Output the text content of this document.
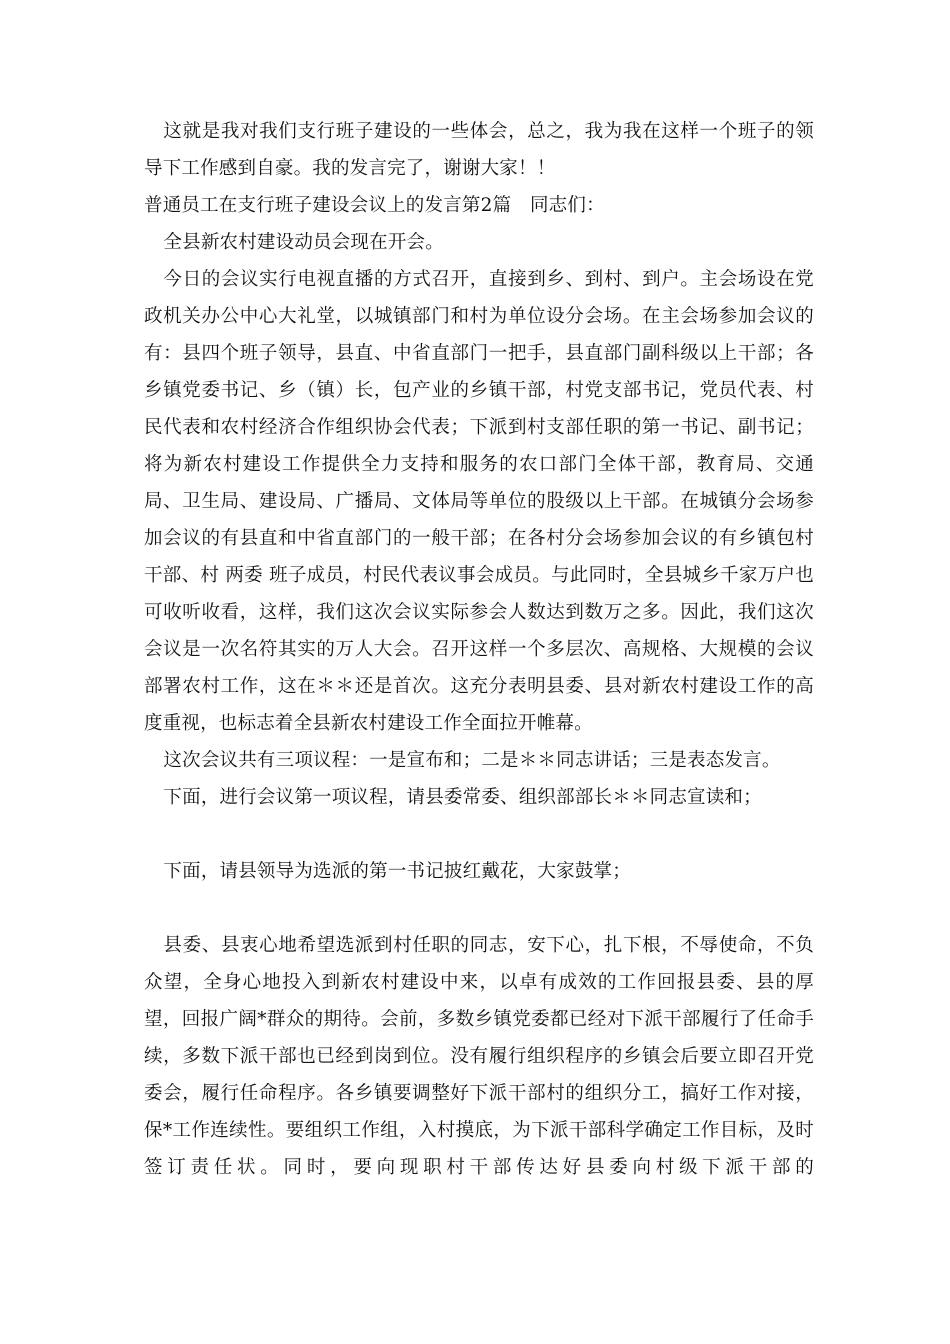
这就是我对我们支行班子建设的一些体会，总之，我为我在这样一个班子的领导下工作感到自豪。我的发言完了，谢谢大家！！

普通员工在支行班子建设会议上的发言第2篇　同志们：

全县新农村建设动员会现在开会。

今日的会议实行电视直播的方式召开，直接到乡、到村、到户。主会场设在党政机关办公中心大礼堂，以城镇部门和村为单位设分会场。在主会场参加会议的有：县四个班子领导，县直、中省直部门一把手，县直部门副科级以上干部；各乡镇党委书记、乡（镇）长，包产业的乡镇干部，村党支部书记，党员代表、村民代表和农村经济合作组织协会代表；下派到村支部任职的第一书记、副书记；将为新农村建设工作提供全力支持和服务的农口部门全体干部，教育局、交通局、卫生局、建设局、广播局、文体局等单位的股级以上干部。在城镇分会场参加会议的有县直和中省直部门的一般干部；在各村分会场参加会议的有乡镇包村干部、村 两委 班子成员，村民代表议事会成员。与此同时，全县城乡千家万户也可收听收看，这样，我们这次会议实际参会人数达到数万之多。因此，我们这次会议是一次名符其实的万人大会。召开这样一个多层次、高规格、大规模的会议部署农村工作，这在＊＊还是首次。这充分表明县委、县对新农村建设工作的高度重视，也标志着全县新农村建设工作全面拉开帷幕。

这次会议共有三项议程：一是宣布和；二是＊＊同志讲话；三是表态发言。

下面，进行会议第一项议程，请县委常委、组织部部长＊＊同志宣读和；

下面，请县领导为选派的第一书记披红戴花，大家鼓掌；

县委、县衷心地希望选派到村任职的同志，安下心，扎下根，不辱使命，不负众望，全身心地投入到新农村建设中来，以卓有成效的工作回报县委、县的厚望，回报广阔*群众的期待。会前，多数乡镇党委都已经对下派干部履行了任命手续，多数下派干部也已经到岗到位。没有履行组织程序的乡镇会后要立即召开党委会，履行任命程序。各乡镇要调整好下派干部村的组织分工，搞好工作对接，保*工作连续性。要组织工作组，入村摸底，为下派干部科学确定工作目标，及时签订责任状。同时，要向现职村干部传达好县委向村级下派干部的
